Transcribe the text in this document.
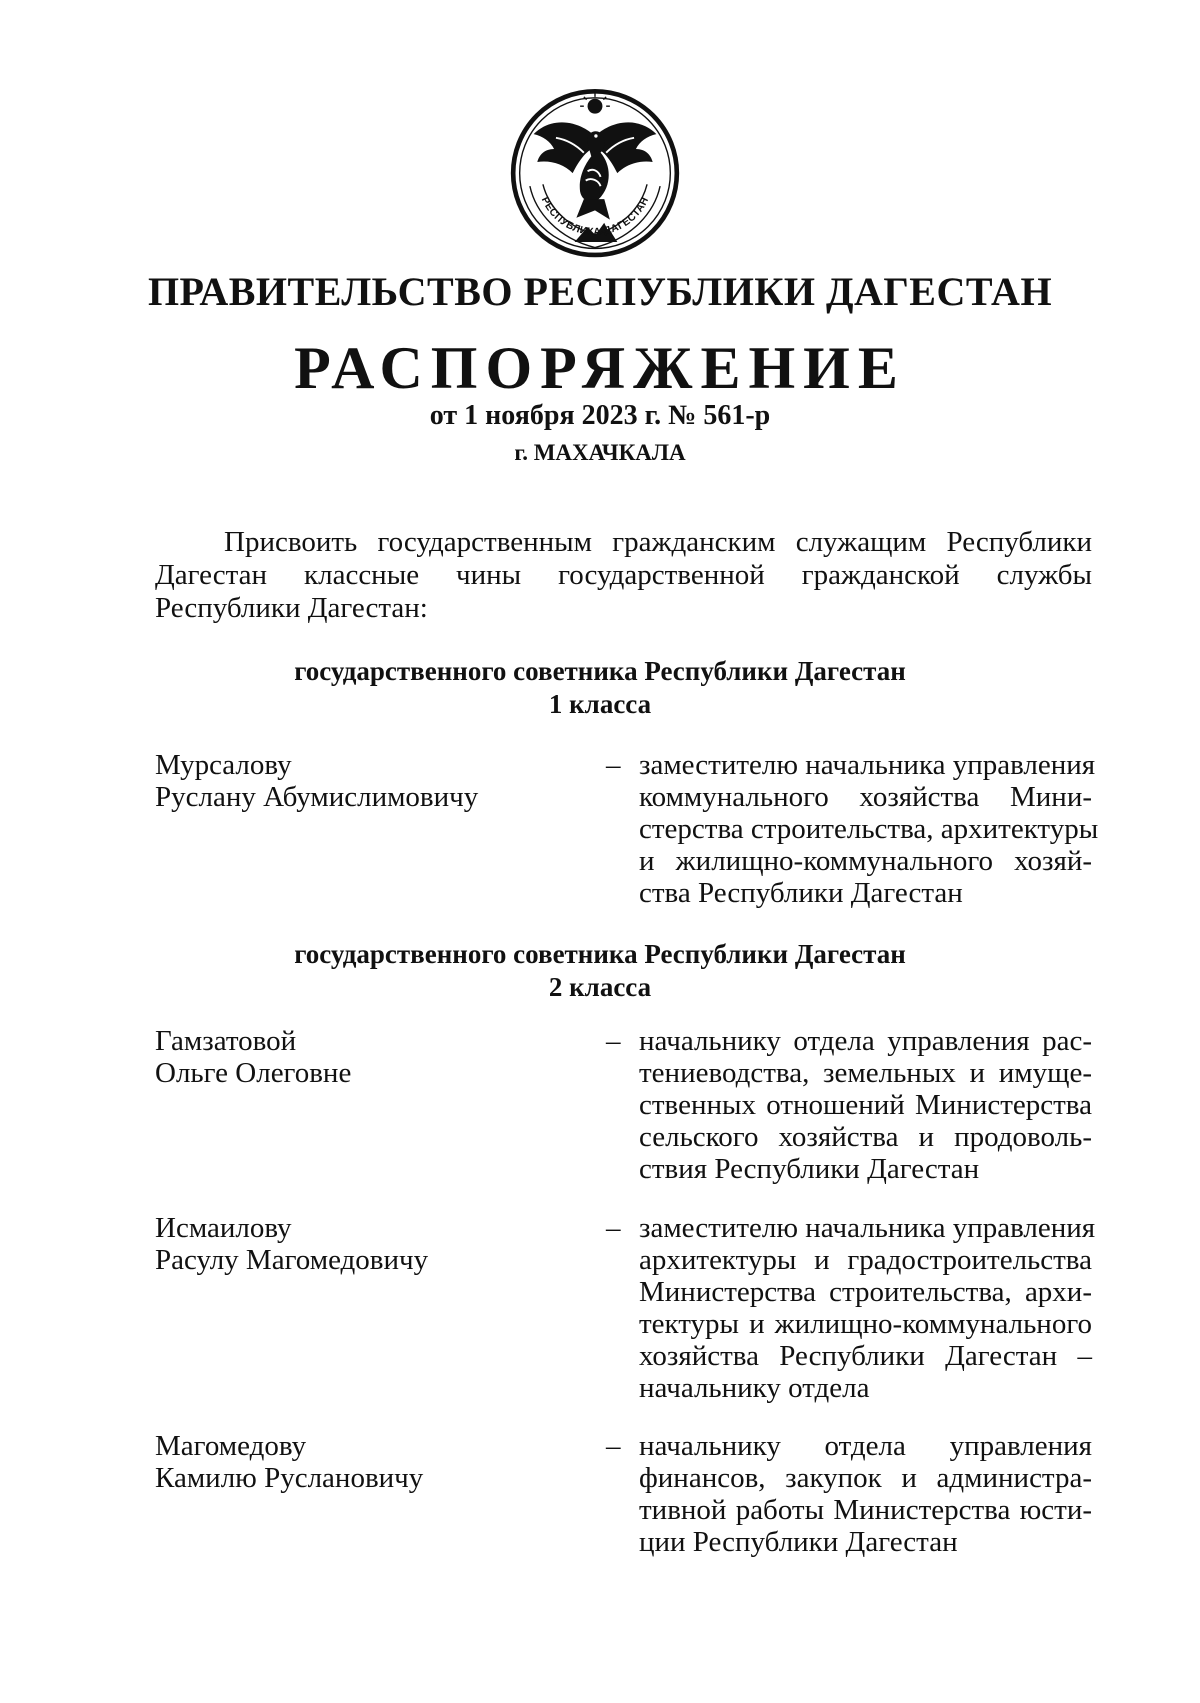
РЕСПУБЛИКА ДАГЕСТАН
ПРАВИТЕЛЬСТВО РЕСПУБЛИКИ ДАГЕСТАН
РАСПОРЯЖЕНИЕ
от 1 ноября 2023 г. № 561-р
г. МАХАЧКАЛА
Присвоить государственным гражданским служащим Республики
Дагестан классные чины государственной гражданской службы
Республики Дагестан:
государственного советника Республики Дагестан
1 класса
Мурсалову
Руслану Абумислимовичу
– заместителю начальника управления
коммунального хозяйства Мини-
стерства строительства, архитектуры
и жилищно-коммунального хозяй-
ства Республики Дагестан
государственного советника Республики Дагестан
2 класса
Гамзатовой
Ольге Олеговне
– начальнику отдела управления рас-
тениеводства, земельных и имуще-
ственных отношений Министерства
сельского хозяйства и продоволь-
ствия Республики Дагестан
Исмаилову
Расулу Магомедовичу
– заместителю начальника управления
архитектуры и градостроительства
Министерства строительства, архи-
тектуры и жилищно-коммунального
хозяйства Республики Дагестан –
начальнику отдела
Магомедову
Камилю Руслановичу
– начальнику отдела управления
финансов, закупок и администра-
тивной работы Министерства юсти-
ции Республики Дагестан
